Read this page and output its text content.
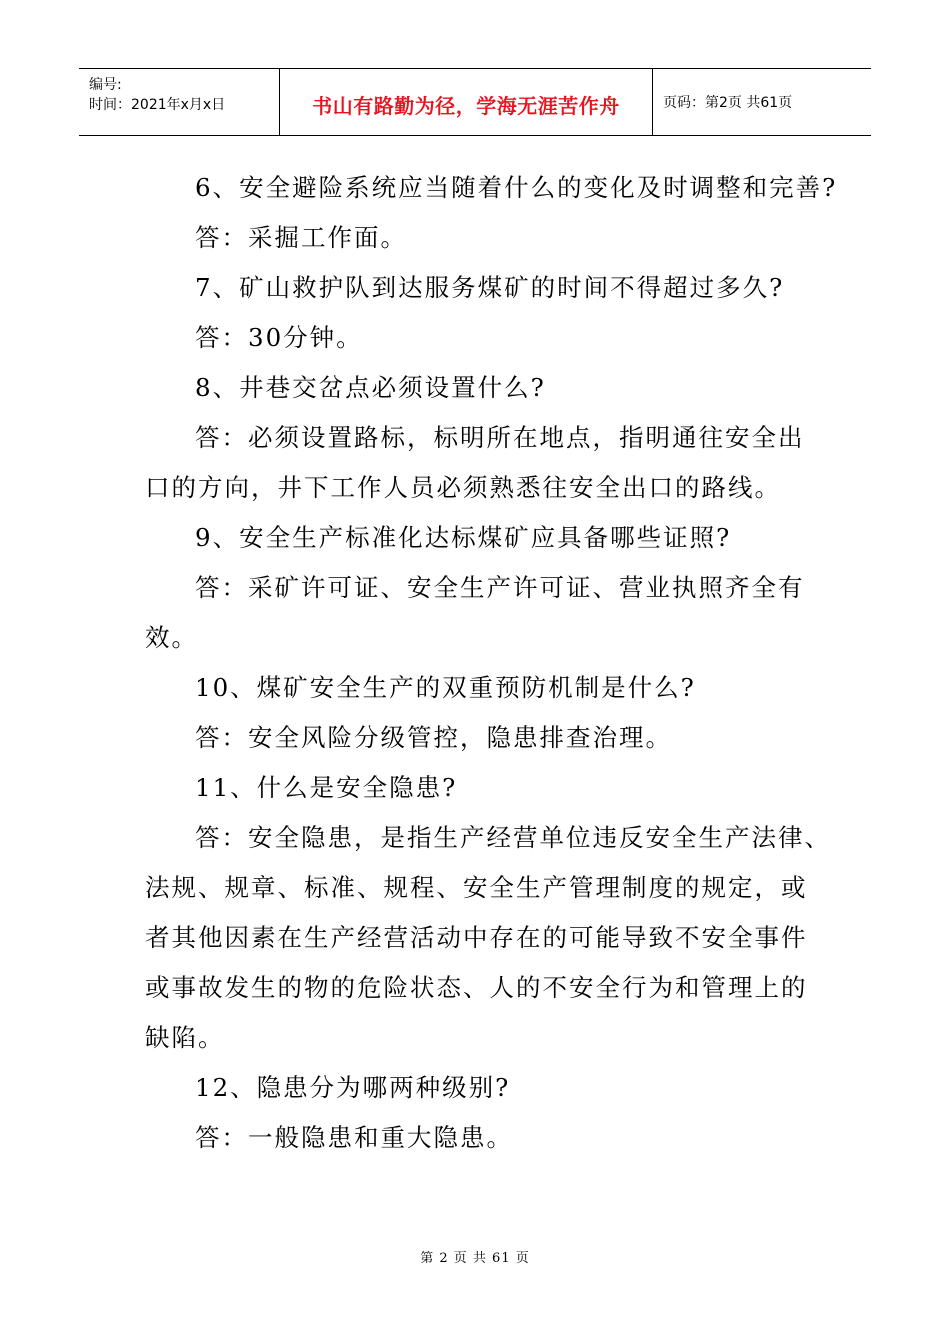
编号:
时间：2021年x月x日	书山有路勤为径，学海无涯苦作舟	页码：第2页 共61页

6、安全避险系统应当随着什么的变化及时调整和完善?

答：采掘工作面。

7、矿山救护队到达服务煤矿的时间不得超过多久?

答：30分钟。

8、井巷交岔点必须设置什么?

答：必须设置路标，标明所在地点，指明通往安全出

口的方向，井下工作人员必须熟悉往安全出口的路线。

9、安全生产标准化达标煤矿应具备哪些证照?

答：采矿许可证、安全生产许可证、营业执照齐全有

效。

10、煤矿安全生产的双重预防机制是什么?

答：安全风险分级管控，隐患排查治理。

11、什么是安全隐患?

答：安全隐患，是指生产经营单位违反安全生产法律、

法规、规章、标准、规程、安全生产管理制度的规定，或

者其他因素在生产经营活动中存在的可能导致不安全事件

或事故发生的物的危险状态、人的不安全行为和管理上的

缺陷。

12、隐患分为哪两种级别?

答：一般隐患和重大隐患。

第 2 页 共 61 页
